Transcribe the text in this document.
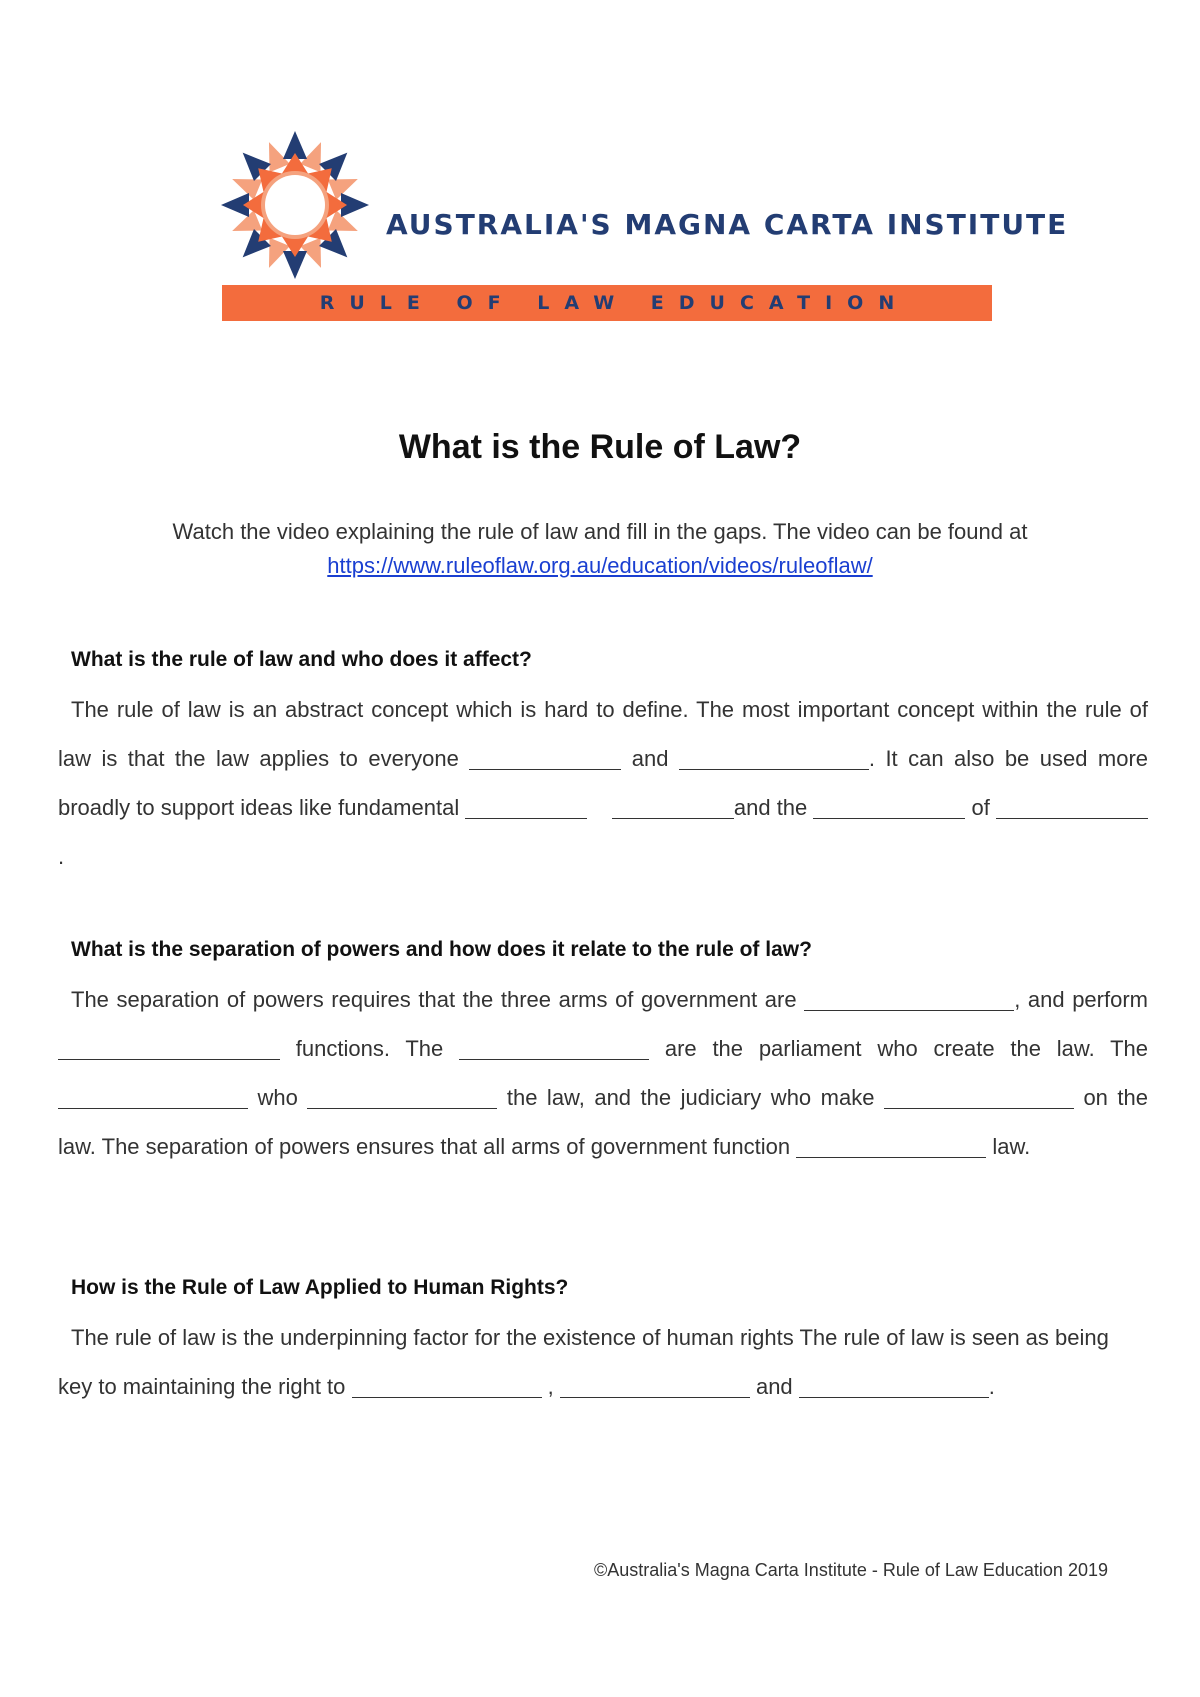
AUSTRALIA'S MAGNA CARTA INSTITUTE
RULE OF LAW EDUCATION
What is the Rule of Law?
Watch the video explaining the rule of law and fill in the gaps. The video can be found at
https://www.ruleoflaw.org.au/education/videos/ruleoflaw/
What is the rule of law and who does it affect?

The rule of law is an abstract concept which is hard to define. The most important concept within the rule of law is that the law applies to everyone	and	. It can also be used more broadly to support ideas like fundamental	and the	of .

What is the separation of powers and how does it relate to the rule of law?

The separation of powers requires that the three arms of government are	, and perform  functions. The	are the parliament who create the law. The  who	the law, and the judiciary who make	on the law. The separation of powers ensures that all arms of government function	law.

How is the Rule of Law Applied to Human Rights?

The rule of law is the underpinning factor for the existence of human rights The rule of law is seen as being key to maintaining the right to	,	and	.

©Australia's Magna Carta Institute - Rule of Law Education 2019
